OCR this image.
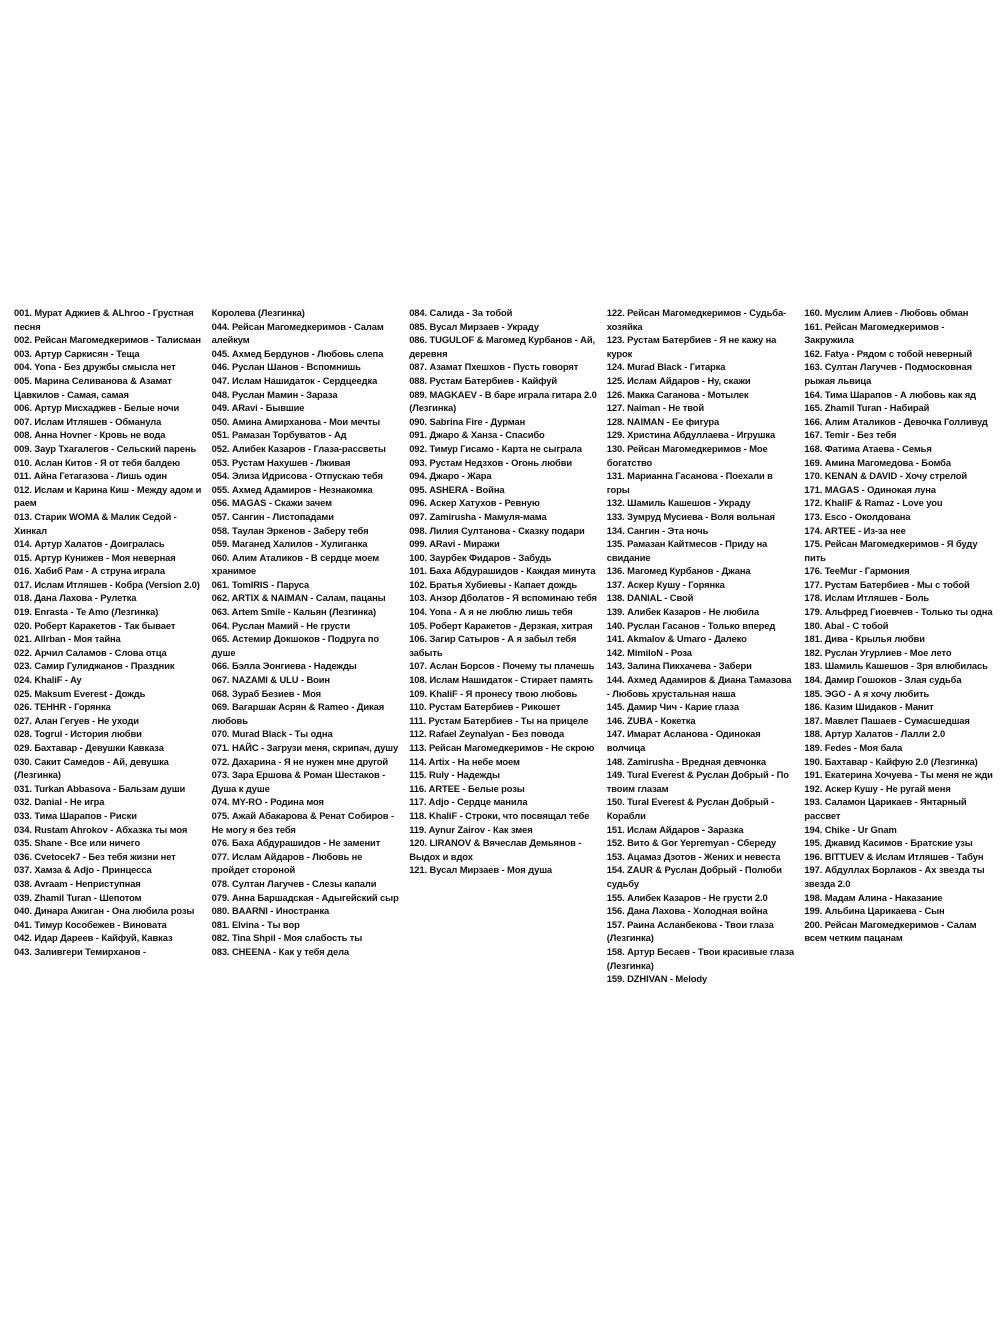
001. Мурат Аджиев & ALhroo - Грустная песня
002. Рейсан Магомедкеримов - Талисман
003. Артур Саркисян - Теща
004. Yona - Без дружбы смысла нет
005. Марина Селиванова & Азамат Цавкилов - Самая, самая
006. Артур Мисхаджев - Белые ночи
007. Ислам Итляшев - Обманула
008. Анна Hovner - Кровь не вода
009. Заур Тхагалегов - Сельский парень
010. Аслан Китов - Я от тебя балдею
011. Айна Гетагазова - Лишь один
012. Ислам и Карина Киш - Между адом и раем
013. Старик WOMA & Малик Седой - Хинкал
014. Артур Халатов - Доигралась
015. Артур Кунижев - Моя неверная
016. Хабиб Рам - А струна играла
017. Ислам Итляшев - Кобра (Version 2.0)
018. Дана Лахова - Рулетка
019. Enrasta - Te Amo (Лезгинка)
020. Роберт Каракетов - Так бывает
021. Allrban - Моя тайна
022. Арчил Саламов - Слова отца
023. Самир Гулиджанов - Праздник
024. KhaliF - Ay
025. Maksum Everest - Дождь
026. TEHHR - Горянка
027. Алан Гегуев - Не уходи
028. Togrul - История любви
029. Бахтавар - Девушки Кавказа
030. Сакит Самедов - Ай, девушка (Лезгинка)
031. Turkan Abbasova - Бальзам души
032. Danial - Не игра
033. Тима Шарапов - Риски
034. Rustam Ahrokov - Абхазка ты моя
035. Shane - Все или ничего
036. Cvetocek7 - Без тебя жизни нет
037. Хамза & Adjo - Принцесса
038. Avraam - Неприступная
039. Zhamil Turan - Шепотом
040. Динара Ажиган - Она любила розы
041. Тимур Кособежев - Виновата
042. Идар Дареев - Кайфуй, Кавказ
043. Заливгери Темирханов -
Королева (Лезгинка)
044. Рейсан Магомедкеримов - Салам алейкум
045. Ахмед Бердунов - Любовь слепа
046. Руслан Шанов - Вспомнишь
047. Ислам Нашидаток - Сердцеедка
048. Руслан Мамин - Зараза
049. ARavi - Бывшие
050. Амина Амирханова - Мои мечты
051. Рамазан Торбуватов - Ад
052. Алибек Казаров - Глаза-рассветы
053. Рустам Нахушев - Лживая
054. Элиза Идрисова - Отпускаю тебя
055. Ахмед Адамиров - Незнакомка
056. MAGAS - Скажи зачем
057. Сангин - Листопадами
058. Таулан Эркенов - Заберу тебя
059. Маганед Халилов - Хулиганка
060. Алим Аталиков - В сердце моем хранимое
061. TomIRIS - Паруса
062. ARTIX & NAIMAN - Салам, пацаны
063. Artem Smile - Кальян (Лезгинка)
064. Руслан Мамий - Не грусти
065. Астемир Докшоков - Подруга по душе
066. Бэлла Эонгиева - Надежды
067. NAZAMI & ULU - Воин
068. Зураб Безиев - Моя
069. Вагаршак Асрян & Rameo - Дикая любовь
070. Murad Black - Ты одна
071. НАЙС - Загрузи меня, скрипач, душу
072. Дахарина - Я не нужен мне другой
073. Зара Ершова & Роман Шестаков - Душа к душе
074. MY-RO - Родина моя
075. Ажай Абакарова & Ренат Собиров - Не могу я без тебя
076. Баха Абдурашидов - Не заменит
077. Ислам Айдаров - Любовь не пройдет стороной
078. Султан Лагучев - Слезы капали
079. Анна Баршадская - Адыгейский сыр
080. BAARNI - Иностранка
081. Elvina - Ты вор
082. Tina Shpil - Моя слабость ты
083. CHEENA - Как у тебя дела
084. Салида - За тобой
085. Вусал Мирзаев - Украду
086. TUGULOF & Магомед Курбанов - Ай, деревня
087. Азамат Пхешхов - Пусть говорят
088. Рустам Батербиев - Кайфуй
089. MAGKAEV - В баре играла гитара 2.0 (Лезгинка)
090. Sabrina Fire - Дурман
091. Джаро & Ханза - Спасибо
092. Тимур Гисамо - Карта не сыграла
093. Рустам Недзхов - Огонь любви
094. Джаро - Жара
095. ASHERA - Война
096. Аскер Хатухов - Ревную
097. Zamirusha - Мамуля-мама
098. Лилия Султанова - Сказку подари
099. ARavi - Миражи
100. Заурбек Фидаров - Забудь
101. Баха Абдурашидов - Каждая минута
102. Братья Хубиевы - Капает дождь
103. Анзор Дболатов - Я вспоминаю тебя
104. Yona - А я не люблю лишь тебя
105. Роберт Каракетов - Дерзкая, хитрая
106. Загир Сатыров - А я забыл тебя забыть
107. Аслан Борсов - Почему ты плачешь
108. Ислам Нашидаток - Стирает память
109. KhaliF - Я пронесу твою любовь
110. Рустам Батербиев - Рикошет
111. Рустам Батербиев - Ты на прицеле
112. Rafael Zeynalyan - Без повода
113. Рейсан Магомедкеримов - Не скрою
114. Artix - На небе моем
115. Ruly - Надежды
116. ARTEE - Белые розы
117. Adjo - Сердце манила
118. KhaliF - Строки, что посвящал тебе
119. Aynur Zairov - Как змея
120. LIRANOV & Вячеслав Демьянов - Выдох и вдох
121. Вусал Мирзаев - Моя душа
122. Рейсан Магомедкеримов - Судьба-хозяйка
123. Рустам Батербиев - Я не кажу на курок
124. Murad Black - Гитарка
125. Ислам Айдаров - Ну, скажи
126. Макка Саганова - Мотылек
127. Naiman - Не твой
128. NAIMAN - Ее фигура
129. Христина Абдуллаева - Игрушка
130. Рейсан Магомедкеримов - Мое богатство
131. Марианна Гасанова - Поехали в горы
132. Шамиль Кашешов - Украду
133. Зумруд Мусиева - Воля вольная
134. Сангин - Эта ночь
135. Рамазан Кайтмесов - Приду на свидание
136. Магомед Курбанов - Джана
137. Аскер Кушу - Горянка
138. DANIAL - Свой
139. Алибек Казаров - Не любила
140. Руслан Гасанов - Только вперед
141. Akmalov & Umaro - Далеко
142. MimiloN - Роза
143. Залина Пикхачева - Забери
144. Ахмед Адамиров & Диана Тамазова - Любовь хрустальная наша
145. Дамир Чич - Карие глаза
146. ZUBA - Кокетка
147. Имарат Асланова - Одинокая волчица
148. Zamirusha - Вредная девчонка
149. Tural Everest & Руслан Добрый - По твоим глазам
150. Tural Everest & Руслан Добрый - Корабли
151. Ислам Айдаров - Заразка
152. Вито & Gor Yepremyan - Сбереду
153. Ацамаз Дзотов - Жених и невеста
154. ZAUR & Руслан Добрый - Полюби судьбу
155. Алибек Казаров - Не грусти 2.0
156. Дана Лахова - Холодная война
157. Раина Асланбекова - Твои глаза (Лезгинка)
158. Артур Бесаев - Твои красивые глаза (Лезгинка)
159. DZHIVAN - Melody
160. Муслим Алиев - Любовь обман
161. Рейсан Магомедкеримов - Закружила
162. Fatya - Рядом с тобой неверный
163. Султан Лагучев - Подмосковная рыжая львица
164. Тима Шарапов - А любовь как яд
165. Zhamil Turan - Набирай
166. Алим Аталиков - Девочка Голливуд
167. Temir - Без тебя
168. Фатима Атаева - Семья
169. Амина Магомедова - Бомба
170. KENAN & DAVID - Хочу стрелой
171. MAGAS - Одинокая луна
172. KhaliF & Ramaz - Love you
173. Esco - Околдована
174. ARTEE - Из-за нее
175. Рейсан Магомедкеримов - Я буду пить
176. TeeMur - Гармония
177. Рустам Батербиев - Мы с тобой
178. Ислам Итляшев - Боль
179. Альфред Гиоевчев - Только ты одна
180. Abal - С тобой
181. Дива - Крылья любви
182. Руслан Угурлиев - Мое лето
183. Шамиль Кашешов - Зря влюбилась
184. Дамир Гошоков - Злая судьба
185. ЭGO - А я хочу любить
186. Казим Шидаков - Манит
187. Мавлет Пашаев - Сумасшедшая
188. Артур Халатов - Лалли 2.0
189. Fedes - Моя бала
190. Бахтавар - Кайфую 2.0 (Лезгинка)
191. Екатерина Хочуева - Ты меня не жди
192. Аскер Кушу - Не ругай меня
193. Саламон Царикаев - Янтарный рассвет
194. Chike - Ur Gnam
195. Джавид Касимов - Братские узы
196. BITTUEV & Ислам Итляшев - Табун
197. Абдуллах Борлаков - Ах звезда ты звезда 2.0
198. Мадам Алина - Наказание
199. Альбина Царикаева - Сын
200. Рейсан Магомедкеримов - Салам всем четким пацанам
